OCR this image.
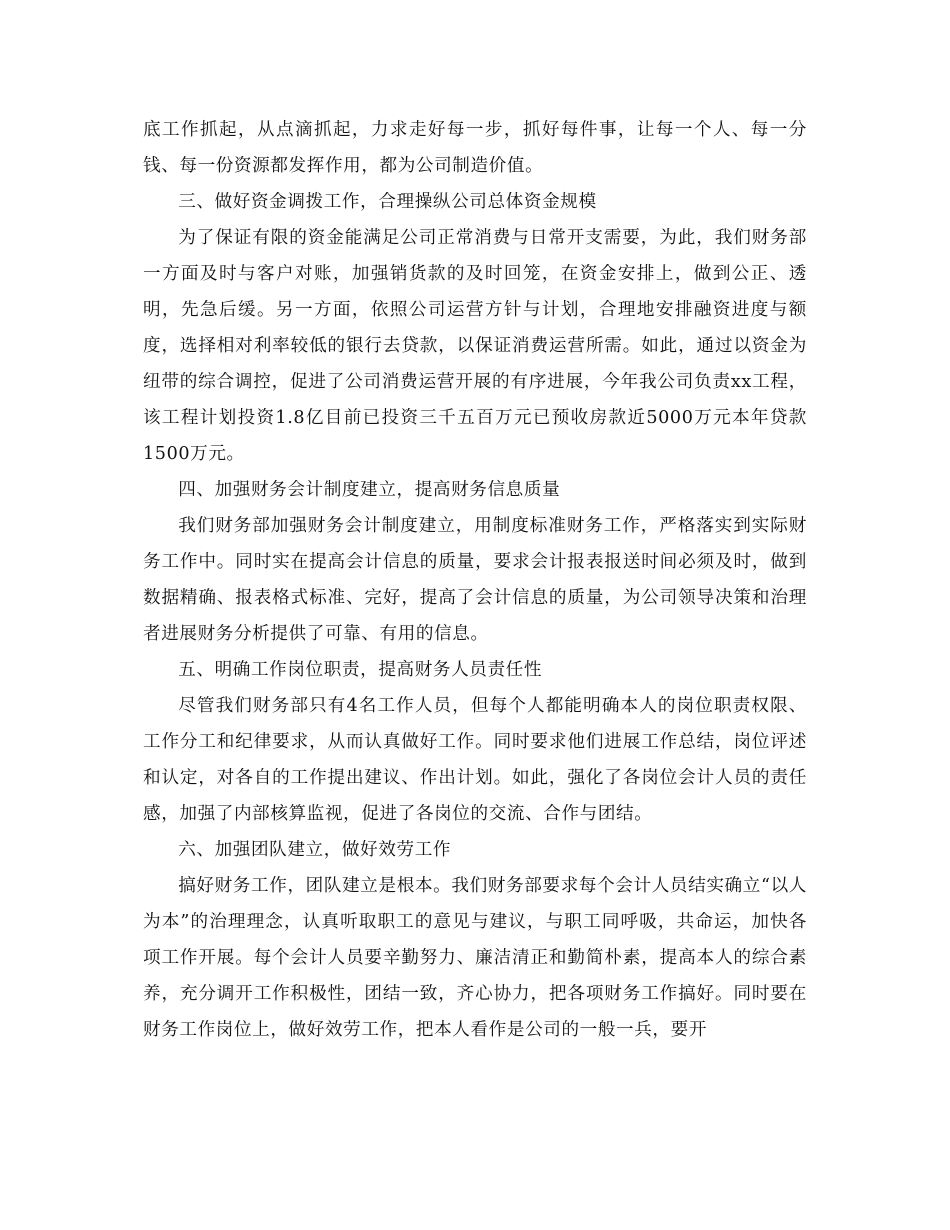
底工作抓起，从点滴抓起，力求走好每一步，抓好每件事，让每一个人、每一分钱、每一份资源都发挥作用，都为公司制造价值。

三、做好资金调拨工作，合理操纵公司总体资金规模

为了保证有限的资金能满足公司正常消费与日常开支需要，为此，我们财务部一方面及时与客户对账，加强销货款的及时回笼，在资金安排上，做到公正、透明，先急后缓。另一方面，依照公司运营方针与计划，合理地安排融资进度与额度，选择相对利率较低的银行去贷款，以保证消费运营所需。如此，通过以资金为纽带的综合调控，促进了公司消费运营开展的有序进展，今年我公司负责xx工程，该工程计划投资1.8亿目前已投资三千五百万元已预收房款近5000万元本年贷款1500万元。

四、加强财务会计制度建立，提高财务信息质量

我们财务部加强财务会计制度建立，用制度标准财务工作，严格落实到实际财务工作中。同时实在提高会计信息的质量，要求会计报表报送时间必须及时，做到数据精确、报表格式标准、完好，提高了会计信息的质量，为公司领导决策和治理者进展财务分析提供了可靠、有用的信息。

五、明确工作岗位职责，提高财务人员责任性

尽管我们财务部只有4名工作人员，但每个人都能明确本人的岗位职责权限、工作分工和纪律要求，从而认真做好工作。同时要求他们进展工作总结，岗位评述和认定，对各自的工作提出建议、作出计划。如此，强化了各岗位会计人员的责任感，加强了内部核算监视，促进了各岗位的交流、合作与团结。

六、加强团队建立，做好效劳工作

搞好财务工作，团队建立是根本。我们财务部要求每个会计人员结实确立“以人为本”的治理理念，认真听取职工的意见与建议，与职工同呼吸，共命运，加快各项工作开展。每个会计人员要辛勤努力、廉洁清正和勤简朴素，提高本人的综合素养，充分调开工作积极性，团结一致，齐心协力，把各项财务工作搞好。同时要在财务工作岗位上，做好效劳工作，把本人看作是公司的一般一兵，要开
